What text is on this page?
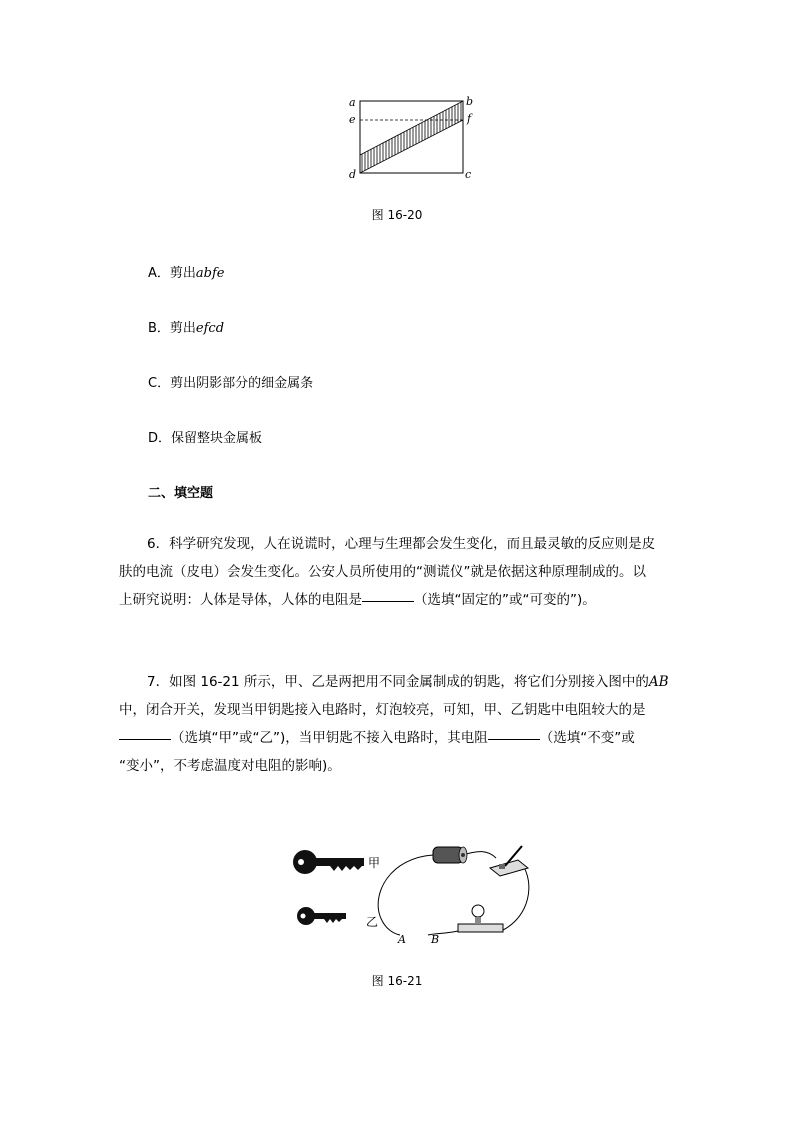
a
e
d
b
f
c
图 16-20
A．剪出abfe
B．剪出efcd
C．剪出阴影部分的细金属条
D．保留整块金属板
二、填空题
6．科学研究发现，人在说谎时，心理与生理都会发生变化，而且最灵敏的反应则是皮
肤的电流（皮电）会发生变化。公安人员所使用的“测谎仪”就是依据这种原理制成的。以
上研究说明：人体是导体，人体的电阻是	（选填“固定的”或“可变的”)。
7．如图 16-21 所示，甲、乙是两把用不同金属制成的钥匙，将它们分别接入图中的AB
中，闭合开关，发现当甲钥匙接入电路时，灯泡较亮，可知，甲、乙钥匙中电阻较大的是
（选填“甲”或“乙”)，当甲钥匙不接入电路时，其电阻	（选填“不变”或
“变小”，不考虑温度对电阻的影响)。
甲
乙
A B
图 16-21
